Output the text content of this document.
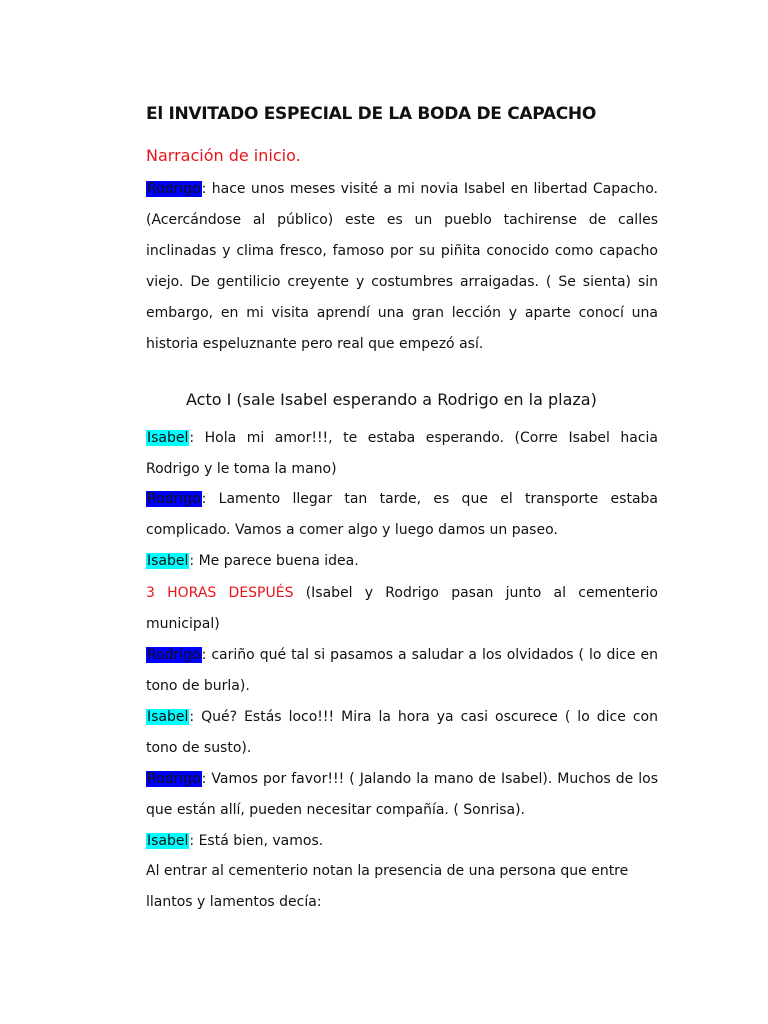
El INVITADO ESPECIAL DE LA BODA DE CAPACHO
Narración de inicio.
Rodrigo: hace unos meses visité a mi novia Isabel en libertad Capacho. (Acercándose al público) este es un pueblo tachirense de calles inclinadas y clima fresco, famoso por su piñita conocido como capacho viejo. De gentilicio creyente y costumbres arraigadas. ( Se sienta) sin embargo, en mi visita aprendí una gran lección y aparte conocí una historia espeluznante pero real que empezó así.
Acto I (sale Isabel esperando a Rodrigo en la plaza)
Isabel: Hola mi amor!!!, te estaba esperando. (Corre Isabel hacia Rodrigo y le toma la mano)
Rodrigo: Lamento llegar tan tarde, es que el transporte estaba complicado. Vamos a comer algo y luego damos un paseo.
Isabel: Me parece buena idea.
3 HORAS DESPUÉS (Isabel y Rodrigo pasan junto al cementerio municipal)
Rodrigo: cariño qué tal si pasamos a saludar a los olvidados ( lo dice en tono de burla).
Isabel: Qué? Estás loco!!! Mira la hora ya casi oscurece ( lo dice con tono de susto).
Rodrigo: Vamos por favor!!! ( Jalando la mano de Isabel). Muchos de los que están allí, pueden necesitar compañía. ( Sonrisa).
Isabel: Está bien, vamos.
Al entrar al cementerio notan la presencia de una persona que entre llantos y lamentos decía:
